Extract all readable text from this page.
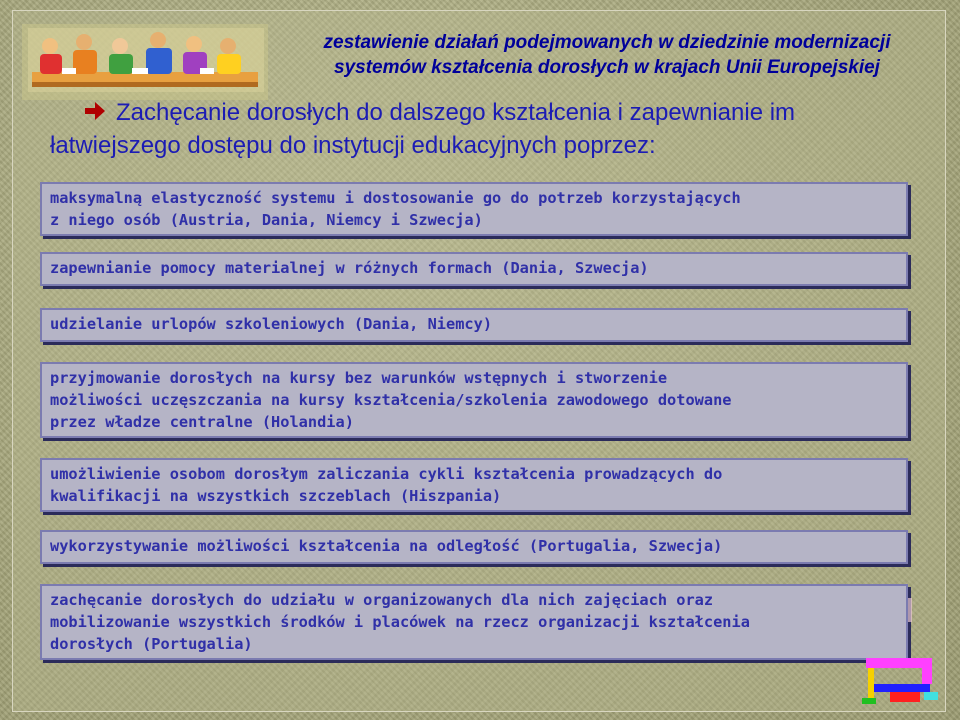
zestawienie działań podejmowanych w dziedzinie modernizacji
systemów kształcenia dorosłych w krajach Unii Europejskiej
Zachęcanie dorosłych do dalszego kształcenia i zapewnianie im
łatwiejszego dostępu do instytucji edukacyjnych poprzez:
maksymalną elastyczność systemu i dostosowanie go do potrzeb korzystających
z niego osób (Austria, Dania, Niemcy i Szwecja)
zapewnianie pomocy materialnej w różnych formach (Dania, Szwecja)
udzielanie urlopów szkoleniowych (Dania, Niemcy)
przyjmowanie dorosłych na kursy bez warunków wstępnych i stworzenie
możliwości uczęszczania na kursy kształcenia/szkolenia zawodowego dotowane
przez władze centralne (Holandia)
umożliwienie osobom dorosłym zaliczania cykli kształcenia prowadzących do
kwalifikacji na wszystkich szczeblach (Hiszpania)
wykorzystywanie możliwości kształcenia na odległość (Portugalia, Szwecja)
zachęcanie dorosłych do udziału w organizowanych dla nich zajęciach oraz
mobilizowanie wszystkich środków i placówek na rzecz organizacji kształcenia
dorosłych (Portugalia)
